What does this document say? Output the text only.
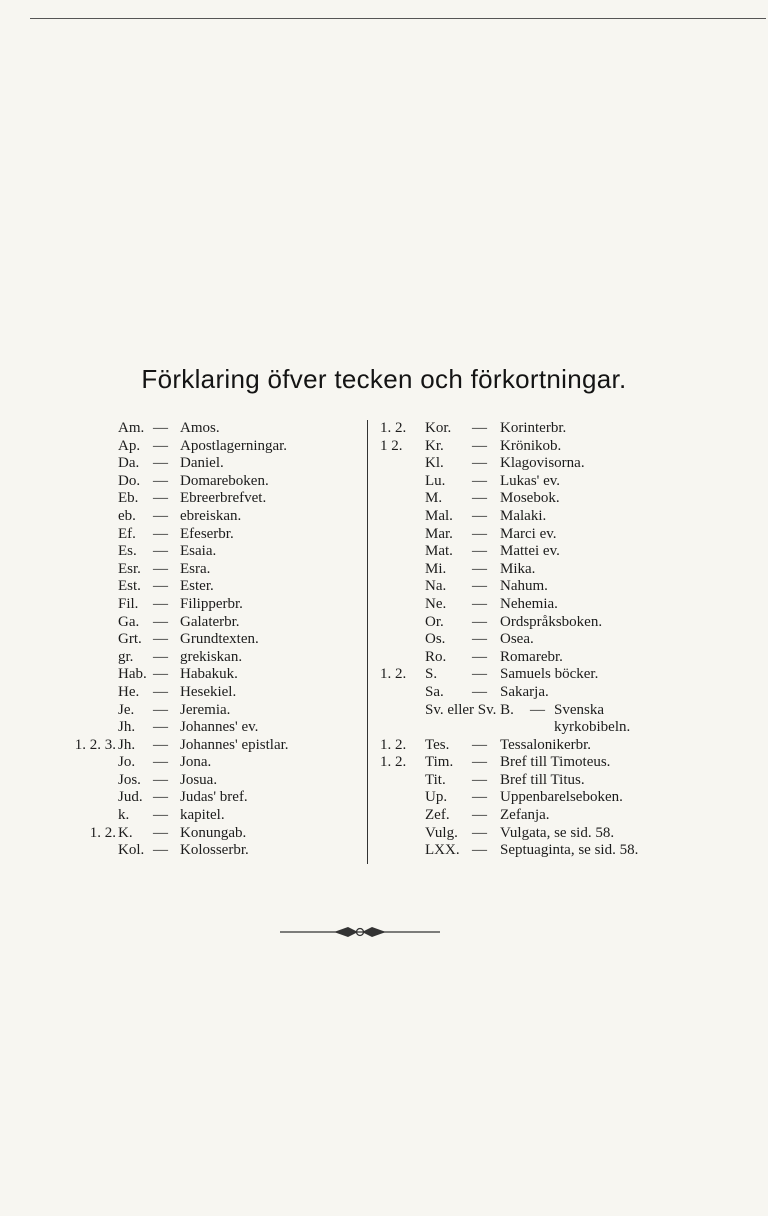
Förklaring öfver tecken och förkortningar.
Am. — Amos.
Ap. — Apostlagerningar.
Da. — Daniel.
Do. — Domareboken.
Eb. — Ebreerbrefvet.
eb. — ebreiskan.
Ef. — Efeserbr.
Es. — Esaia.
Esr. — Esra.
Est. — Ester.
Fil. — Filipperbr.
Ga. — Galaterbr.
Grt. — Grundtexten.
gr. — grekiskan.
Hab. — Habakuk.
He. — Hesekiel.
Je. — Jeremia.
Jh. — Johannes' ev.
1. 2. 3. Jh. — Johannes' epistlar.
Jo. — Jona.
Jos. — Josua.
Jud. — Judas' bref.
k. — kapitel.
1. 2. K. — Konungab.
Kol. — Kolosserbr.
1. 2. Kor. — Korinterbr.
1 2. Kr. — Krönikob.
Kl. — Klagovisorna.
Lu. — Lukas' ev.
M. — Mosebok.
Mal. — Malaki.
Mar. — Marci ev.
Mat. — Mattei ev.
Mi. — Mika.
Na. — Nahum.
Ne. — Nehemia.
Or. — Ordspråksboken.
Os. — Osea.
Ro. — Romarebr.
1. 2. S. — Samuels böcker.
Sa. — Sakarja.
Sv. eller Sv. B. — Svenska kyrkobibeln.
1. 2. Tes. — Tessalonikerbr.
1. 2. Tim. — Bref till Timoteus.
Tit. — Bref till Titus.
Up. — Uppenbarelseboken.
Zef. — Zefanja.
Vulg. — Vulgata, se sid. 58.
LXX. — Septuaginta, se sid. 58.
